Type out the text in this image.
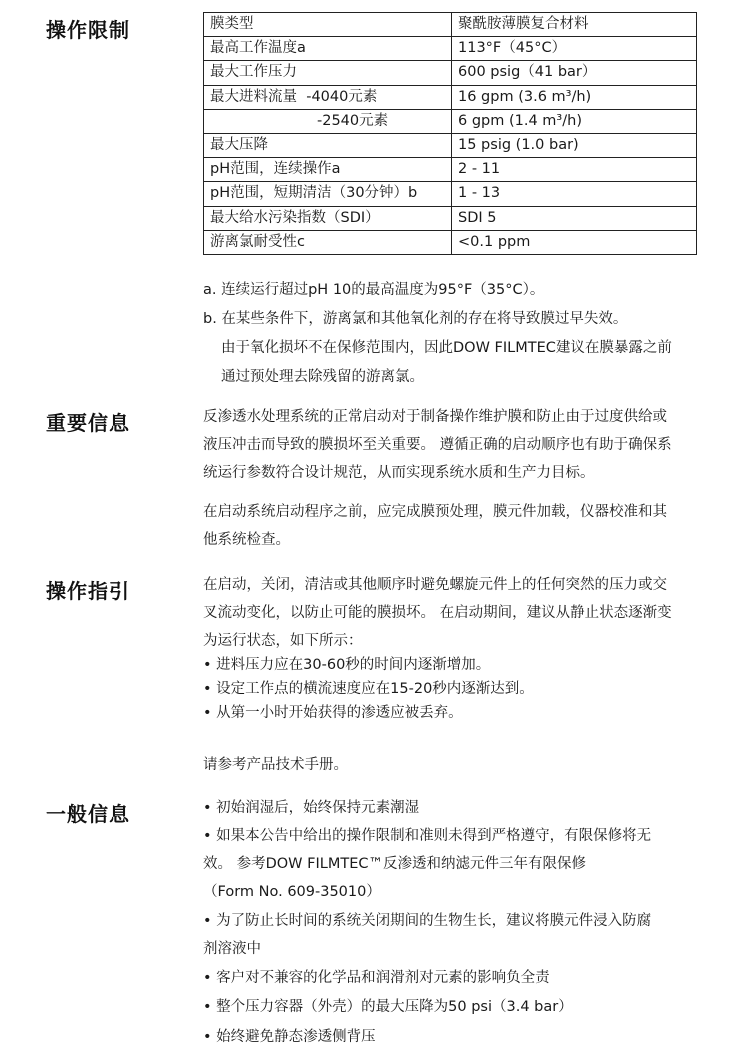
操作限制	膜类型	聚酰胺薄膜复合材料
最高工作温度a	113°F（45°C）
最大工作压力	600 psig（41 bar）
最大进料流量  -4040元素	16 gpm (3.6 m³/h)
-2540元素	6 gpm (1.4 m³/h)
最大压降	15 psig (1.0 bar)
pH范围，连续操作a	2 - 11
pH范围，短期清洁（30分钟）b	1 - 13
最大给水污染指数（SDI）	SDI 5
游离氯耐受性c	<0.1 ppm
a. 连续运行超过pH 10的最高温度为95°F（35°C）。
b. 在某些条件下，游离氯和其他氧化剂的存在将导致膜过早失效。
由于氧化损坏不在保修范围内，因此DOW FILMTEC建议在膜暴露之前
通过预处理去除残留的游离氯。
重要信息	反渗透水处理系统的正常启动对于制备操作维护膜和防止由于过度供给或
液压冲击而导致的膜损坏至关重要。 遵循正确的启动顺序也有助于确保系
统运行参数符合设计规范，从而实现系统水质和生产力目标。
在启动系统启动程序之前，应完成膜预处理，膜元件加载，仪器校准和其
他系统检查。
操作指引	在启动，关闭，清洁或其他顺序时避免螺旋元件上的任何突然的压力或交
叉流动变化，以防止可能的膜损坏。 在启动期间，建议从静止状态逐渐变
为运行状态，如下所示：
• 进料压力应在30-60秒的时间内逐渐增加。
• 设定工作点的横流速度应在15-20秒内逐渐达到。
• 从第一小时开始获得的渗透应被丢弃。
请参考产品技术手册。
一般信息	• 初始润湿后，始终保持元素潮湿
• 如果本公告中给出的操作限制和准则未得到严格遵守，有限保修将无
效。 参考DOW FILMTEC™反渗透和纳滤元件三年有限保修
（Form No. 609-35010）
• 为了防止长时间的系统关闭期间的生物生长，建议将膜元件浸入防腐
剂溶液中
• 客户对不兼容的化学品和润滑剂对元素的影响负全责
• 整个压力容器（外壳）的最大压降为50 psi（3.4 bar）
• 始终避免静态渗透侧背压
